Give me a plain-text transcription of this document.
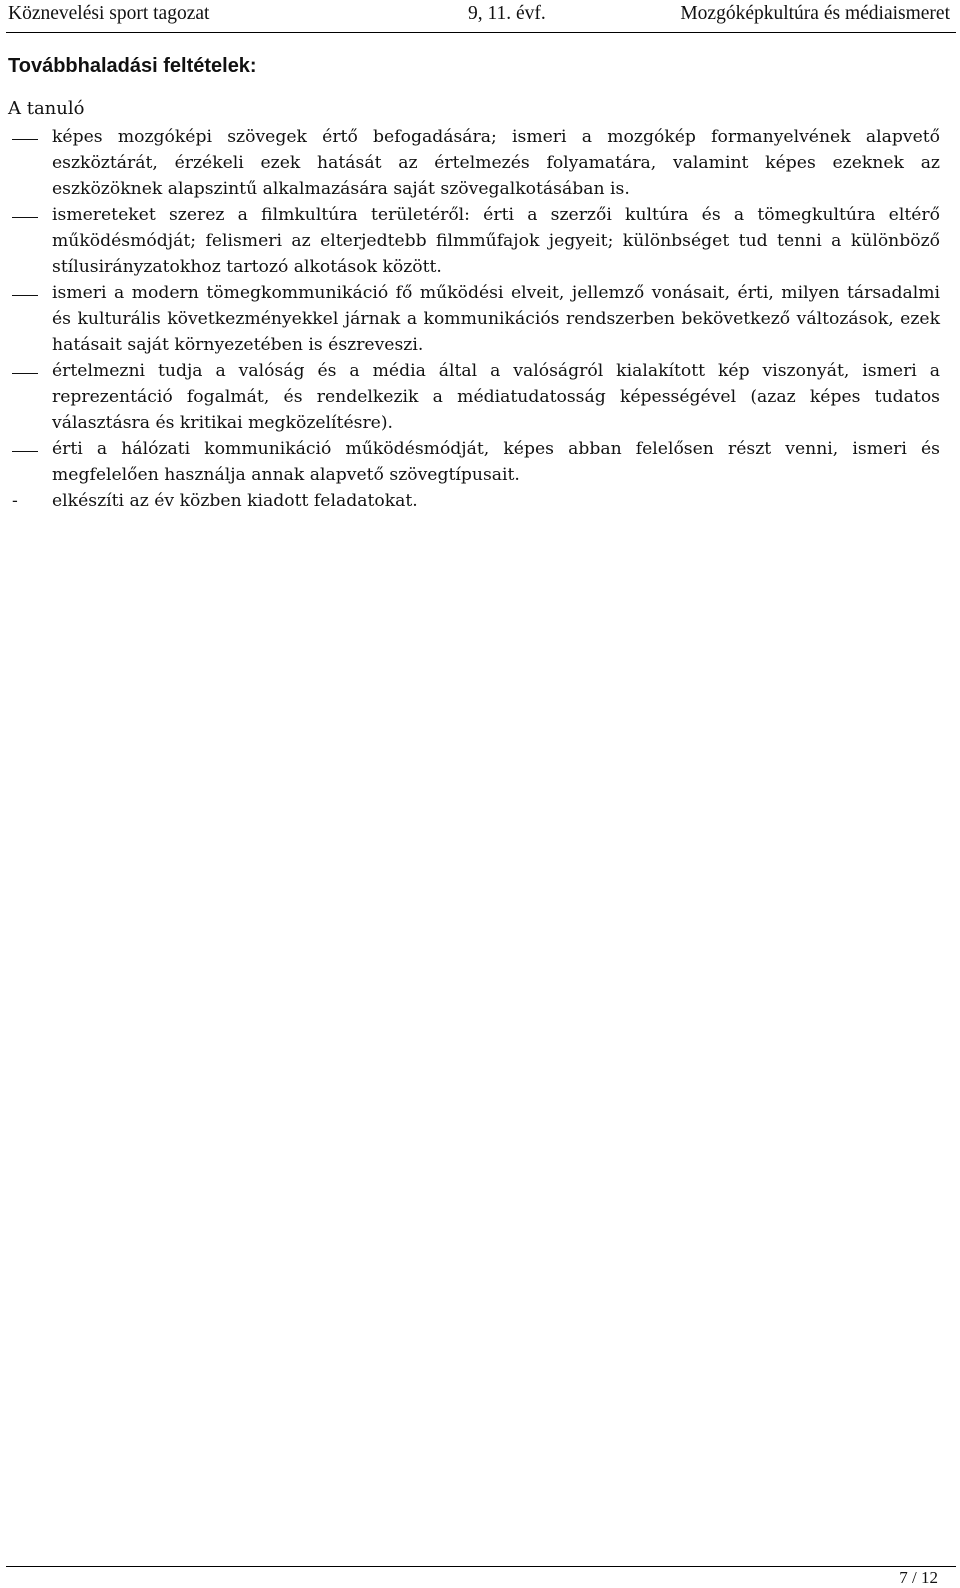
Köznevelési sport tagozat	9, 11. évf.	Mozgóképkultúra és médiaismeret
Továbbhaladási feltételek:

A tanuló

képes mozgóképi szövegek értő befogadására; ismeri a mozgókép formanyelvének alapvető eszköztárát, érzékeli ezek hatását az értelmezés folyamatára, valamint képes ezeknek az eszközöknek alapszintű alkalmazására saját szövegalkotásában is.
ismereteket szerez a filmkultúra területéről: érti a szerzői kultúra és a tömegkultúra eltérő működésmódját; felismeri az elterjedtebb filmműfajok jegyeit; különbséget tud tenni a különböző stílusirányzatokhoz tartozó alkotások között.
ismeri a modern tömegkommunikáció fő működési elveit, jellemző vonásait, érti, milyen társadalmi és kulturális következményekkel járnak a kommunikációs rendszerben bekövetkező változások, ezek hatásait saját környezetében is észreveszi.
értelmezni tudja a valóság és a média által a valóságról kialakított kép viszonyát, ismeri a reprezentáció fogalmát, és rendelkezik a médiatudatosság képességével (azaz képes tudatos választásra és kritikai megközelítésre).
érti a hálózati kommunikáció működésmódját, képes abban felelősen részt venni, ismeri és megfelelően használja annak alapvető szövegtípusait.
-	elkészíti az év közben kiadott feladatokat.
7 / 12
